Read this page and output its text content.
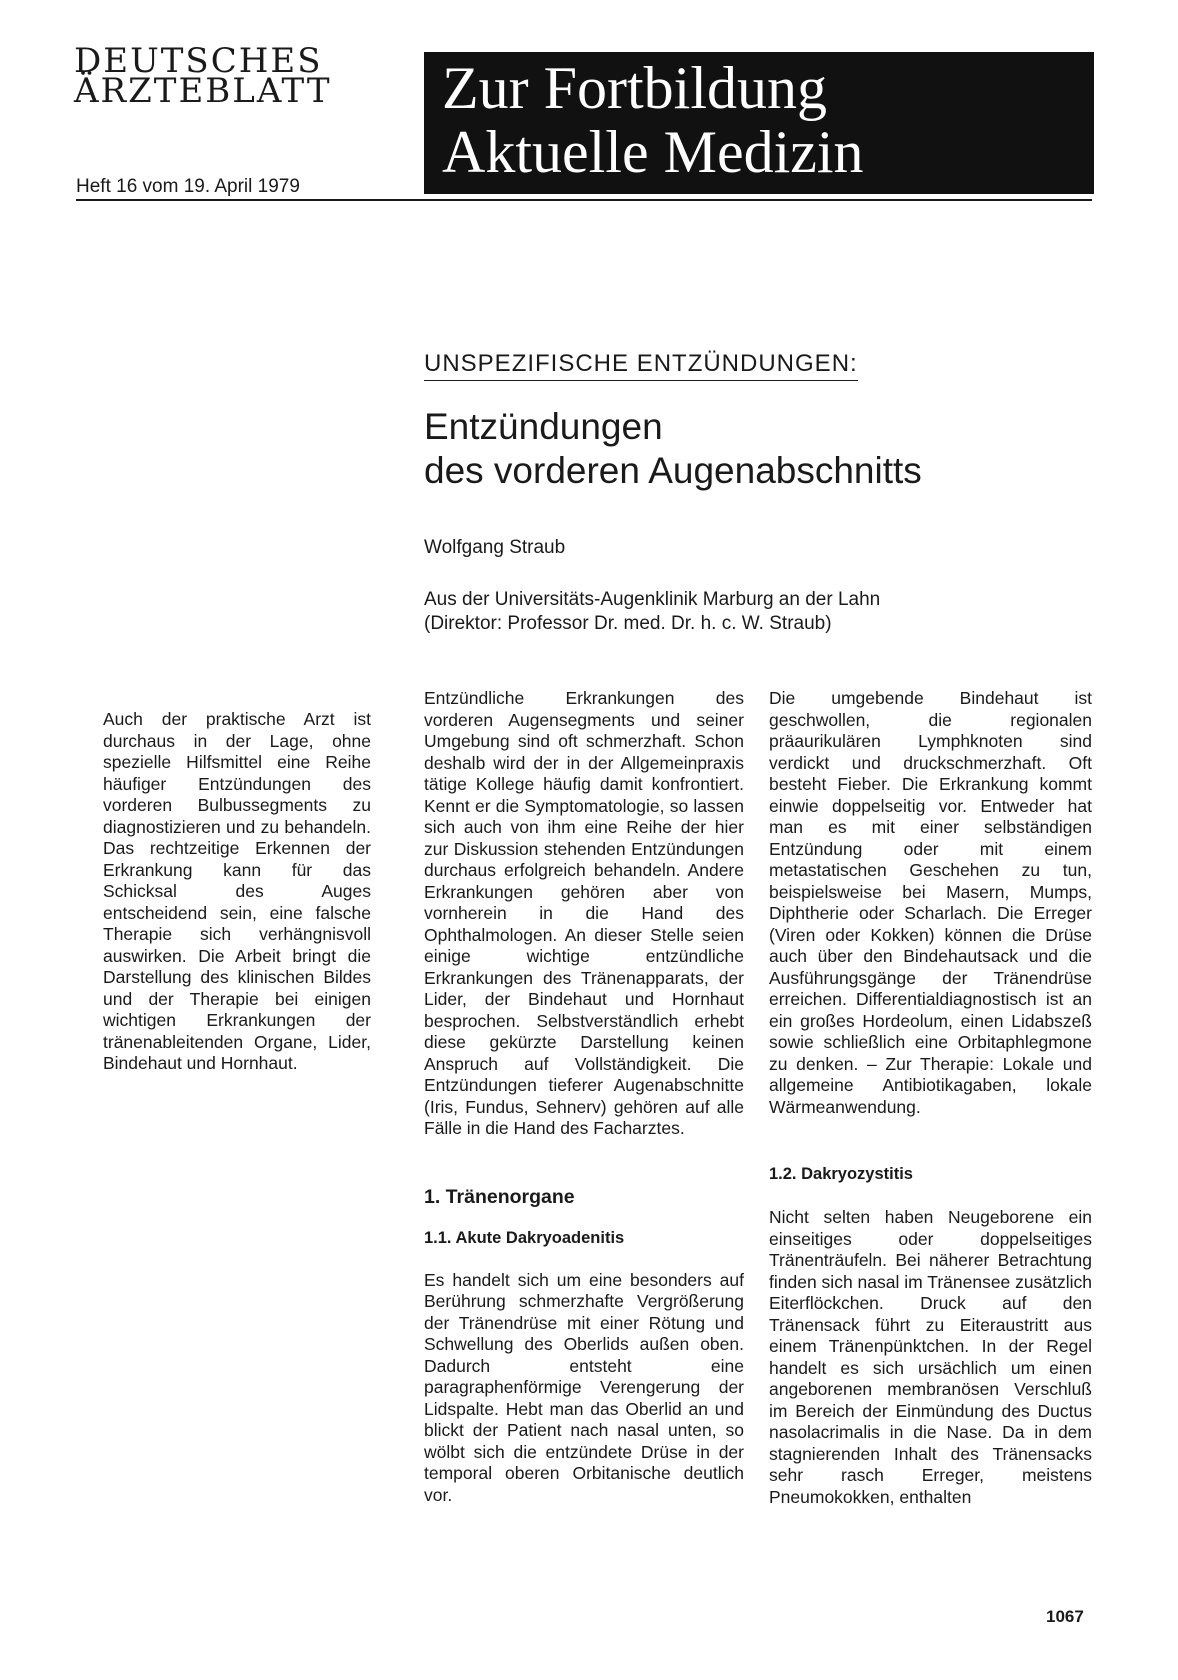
DEUTSCHES
ÄRZTEBLATT
Heft 16 vom 19. April 1979
Zur Fortbildung
Aktuelle Medizin
UNSPEZIFISCHE ENTZÜNDUNGEN:
Entzündungen
des vorderen Augenabschnitts
Wolfgang Straub
Aus der Universitäts-Augenklinik Marburg an der Lahn
(Direktor: Professor Dr. med. Dr. h. c. W. Straub)

Auch der praktische Arzt ist durchaus in der Lage, ohne spezielle Hilfsmittel eine Reihe häufiger Entzündungen des vorderen Bulbussegments zu diagnostizieren und zu behandeln. Das rechtzeitige Erkennen der Erkrankung kann für das Schicksal des Auges entscheidend sein, eine falsche Therapie sich verhängnisvoll auswirken. Die Arbeit bringt die Darstellung des klinischen Bildes und der Therapie bei einigen wichtigen Erkrankungen der tränenableitenden Organe, Lider, Bindehaut und Hornhaut.

Entzündliche Erkrankungen des vorderen Augensegments und seiner Umgebung sind oft schmerzhaft. Schon deshalb wird der in der Allgemeinpraxis tätige Kollege häufig damit konfrontiert. Kennt er die Symptomatologie, so lassen sich auch von ihm eine Reihe der hier zur Diskussion stehenden Entzündungen durchaus erfolgreich behandeln. Andere Erkrankungen gehören aber von vornherein in die Hand des Ophthalmologen. An dieser Stelle seien einige wichtige entzündliche Erkrankungen des Tränenapparats, der Lider, der Bindehaut und Hornhaut besprochen. Selbstverständlich erhebt diese gekürzte Darstellung keinen Anspruch auf Vollständigkeit. Die Entzündungen tieferer Augenabschnitte (Iris, Fundus, Sehnerv) gehören auf alle Fälle in die Hand des Facharztes.

1. Tränenorgane
1.1. Akute Dakryoadenitis

Es handelt sich um eine besonders auf Berührung schmerzhafte Vergrößerung der Tränendrüse mit einer Rötung und Schwellung des Oberlids außen oben. Dadurch entsteht eine paragraphenförmige Verengerung der Lidspalte. Hebt man das Oberlid an und blickt der Patient nach nasal unten, so wölbt sich die entzündete Drüse in der temporal oberen Orbitanische deutlich vor.

Die umgebende Bindehaut ist geschwollen, die regionalen präaurikulären Lymphknoten sind verdickt und druckschmerzhaft. Oft besteht Fieber. Die Erkrankung kommt einwie doppelseitig vor. Entweder hat man es mit einer selbständigen Entzündung oder mit einem metastatischen Geschehen zu tun, beispielsweise bei Masern, Mumps, Diphtherie oder Scharlach. Die Erreger (Viren oder Kokken) können die Drüse auch über den Bindehautsack und die Ausführungsgänge der Tränendrüse erreichen. Differentialdiagnostisch ist an ein großes Hordeolum, einen Lidabszeß sowie schließlich eine Orbitaphlegmone zu denken. – Zur Therapie: Lokale und allgemeine Antibiotikagaben, lokale Wärmeanwendung.

1.2. Dakryozystitis

Nicht selten haben Neugeborene ein einseitiges oder doppelseitiges Tränenträufeln. Bei näherer Betrachtung finden sich nasal im Tränensee zusätzlich Eiterflöckchen. Druck auf den Tränensack führt zu Eiteraustritt aus einem Tränenpünktchen. In der Regel handelt es sich ursächlich um einen angeborenen membranösen Verschluß im Bereich der Einmündung des Ductus nasolacrimalis in die Nase. Da in dem stagnierenden Inhalt des Tränensacks sehr rasch Erreger, meistens Pneumokokken, enthalten

1067
